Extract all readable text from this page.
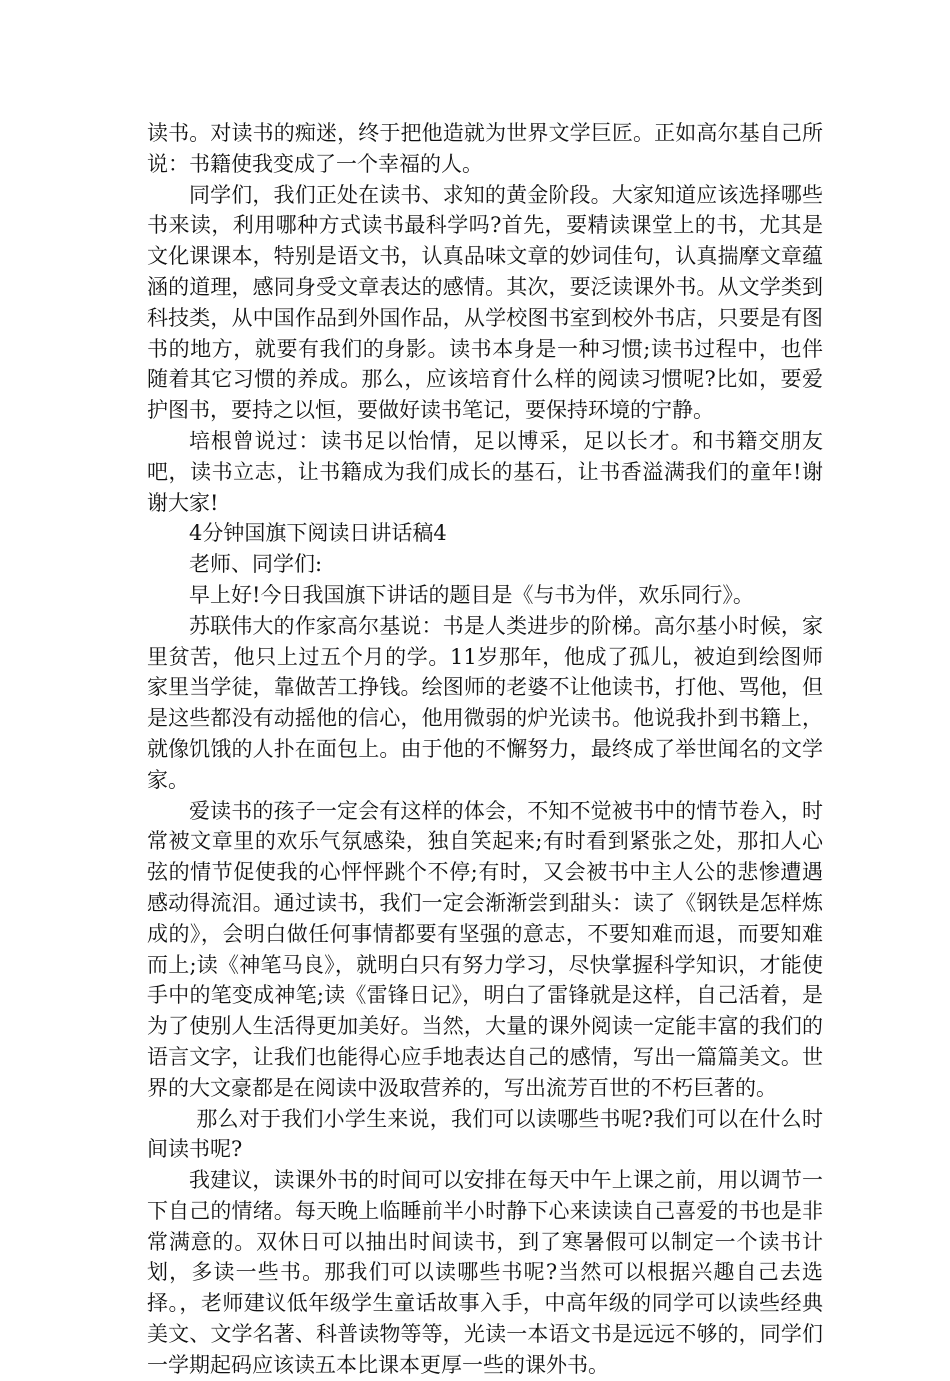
读书。对读书的痴迷，终于把他造就为世界文学巨匠。正如高尔基自己所说：书籍使我变成了一个幸福的人。

同学们，我们正处在读书、求知的黄金阶段。大家知道应该选择哪些书来读，利用哪种方式读书最科学吗?首先，要精读课堂上的书，尤其是文化课课本，特别是语文书，认真品味文章的妙词佳句，认真揣摩文章蕴涵的道理，感同身受文章表达的感情。其次，要泛读课外书。从文学类到科技类，从中国作品到外国作品，从学校图书室到校外书店，只要是有图书的地方，就要有我们的身影。读书本身是一种习惯;读书过程中，也伴随着其它习惯的养成。那么，应该培育什么样的阅读习惯呢?比如，要爱护图书，要持之以恒，要做好读书笔记，要保持环境的宁静。

培根曾说过：读书足以怡情，足以博采，足以长才。和书籍交朋友吧，读书立志，让书籍成为我们成长的基石，让书香溢满我们的童年!谢谢大家!

4分钟国旗下阅读日讲话稿4

老师、同学们:

早上好!今日我国旗下讲话的题目是《与书为伴，欢乐同行》。

苏联伟大的作家高尔基说：书是人类进步的阶梯。高尔基小时候，家里贫苦，他只上过五个月的学。11岁那年，他成了孤儿，被迫到绘图师家里当学徒，靠做苦工挣钱。绘图师的老婆不让他读书，打他、骂他，但是这些都没有动摇他的信心，他用微弱的炉光读书。他说我扑到书籍上，就像饥饿的人扑在面包上。由于他的不懈努力，最终成了举世闻名的文学家。

爱读书的孩子一定会有这样的体会，不知不觉被书中的情节卷入，时常被文章里的欢乐气氛感染，独自笑起来;有时看到紧张之处，那扣人心弦的情节促使我的心怦怦跳个不停;有时，又会被书中主人公的悲惨遭遇感动得流泪。通过读书，我们一定会渐渐尝到甜头：读了《钢铁是怎样炼成的》，会明白做任何事情都要有坚强的意志，不要知难而退，而要知难而上;读《神笔马良》，就明白只有努力学习，尽快掌握科学知识，才能使手中的笔变成神笔;读《雷锋日记》，明白了雷锋就是这样，自己活着，是为了使别人生活得更加美好。当然，大量的课外阅读一定能丰富的我们的语言文字，让我们也能得心应手地表达自己的感情，写出一篇篇美文。世界的大文豪都是在阅读中汲取营养的，写出流芳百世的不朽巨著的。

那么对于我们小学生来说，我们可以读哪些书呢?我们可以在什么时间读书呢?

我建议，读课外书的时间可以安排在每天中午上课之前，用以调节一下自己的情绪。每天晚上临睡前半小时静下心来读读自己喜爱的书也是非常满意的。双休日可以抽出时间读书，到了寒暑假可以制定一个读书计划，多读一些书。那我们可以读哪些书呢?当然可以根据兴趣自己去选择。，老师建议低年级学生童话故事入手，中高年级的同学可以读些经典美文、文学名著、科普读物等等，光读一本语文书是远远不够的，同学们一学期起码应该读五本比课本更厚一些的课外书。
